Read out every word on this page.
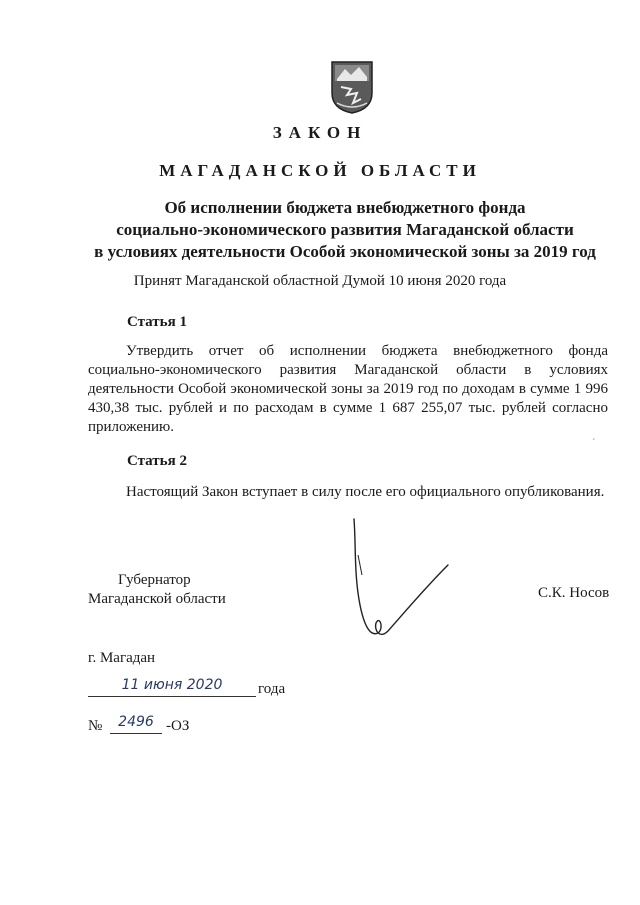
ЗАКОН
МАГАДАНСКОЙ ОБЛАСТИ
Об исполнении бюджета внебюджетного фонда
социально-экономического развития Магаданской области
в условиях деятельности Особой экономической зоны за 2019 год
Принят Магаданской областной Думой 10 июня 2020 года
Статья 1
Утвердить отчет об исполнении бюджета внебюджетного фонда социально-экономического развития Магаданской области в условиях деятельности Особой экономической зоны за 2019 год по доходам в сумме 1 996 430,38 тыс. рублей и по расходам в сумме 1 687 255,07 тыс. рублей согласно приложению.
´
Статья 2
Настоящий Закон вступает в силу после его официального опубликования.
Губернатор
Магаданской области	С.К. Носов
г. Магадан
11 июня 2020	года
№	2496 -ОЗ
